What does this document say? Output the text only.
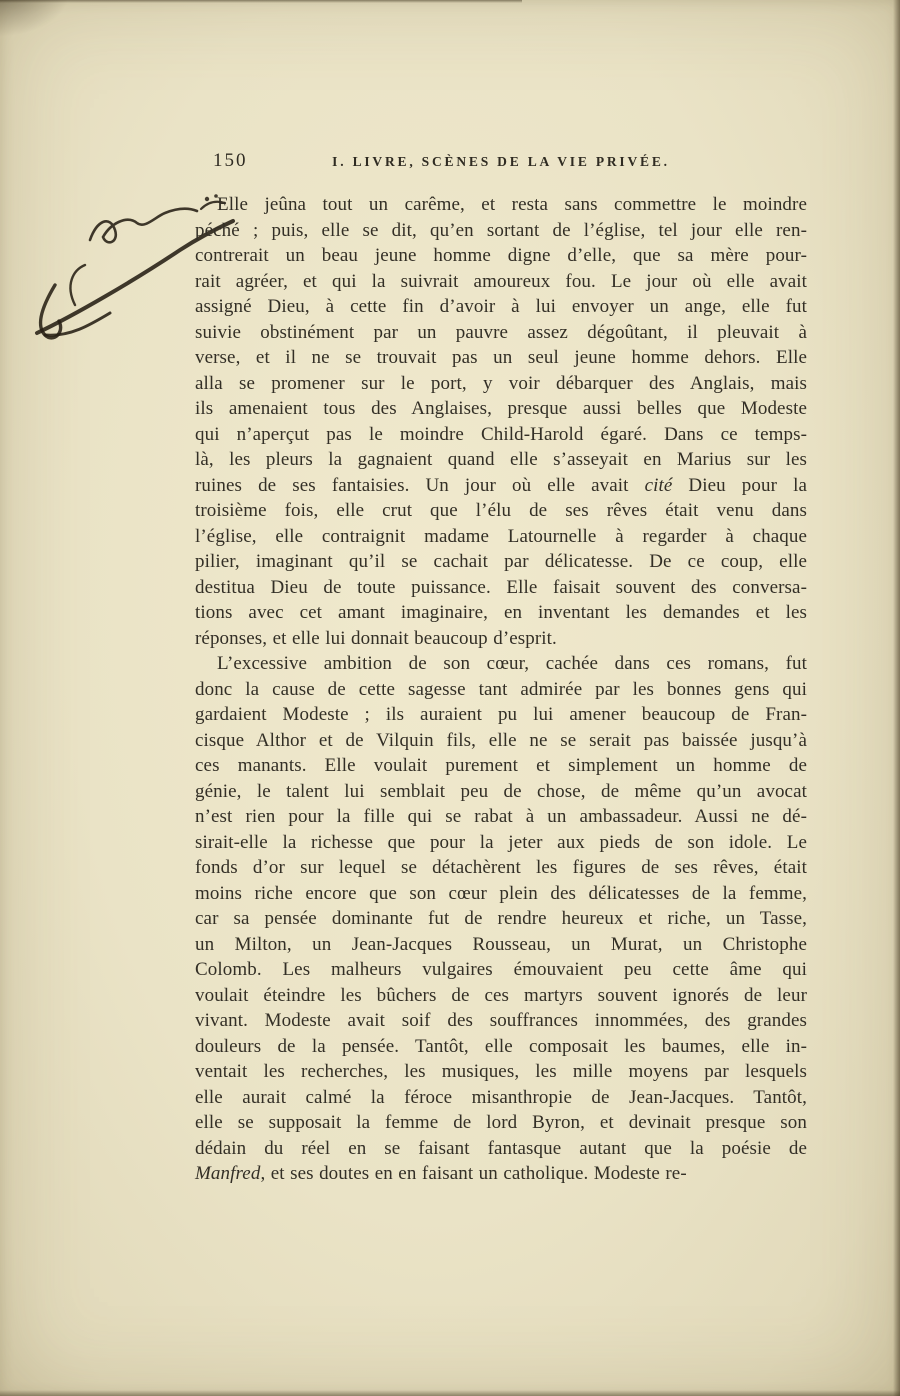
150	I. LIVRE, SCÈNES DE LA VIE PRIVÉE.
Elle jeûna tout un carême, et resta sans commettre le moindre
péché ; puis, elle se dit, qu’en sortant de l’église, tel jour elle ren-
contrerait un beau jeune homme digne d’elle, que sa mère pour-
rait agréer, et qui la suivrait amoureux fou. Le jour où elle avait
assigné Dieu, à cette fin d’avoir à lui envoyer un ange, elle fut
suivie obstinément par un pauvre assez dégoûtant, il pleuvait à
verse, et il ne se trouvait pas un seul jeune homme dehors. Elle
alla se promener sur le port, y voir débarquer des Anglais, mais
ils amenaient tous des Anglaises, presque aussi belles que Modeste
qui n’aperçut pas le moindre Child-Harold égaré. Dans ce temps-
là, les pleurs la gagnaient quand elle s’asseyait en Marius sur les
ruines de ses fantaisies. Un jour où elle avait cité Dieu pour la
troisième fois, elle crut que l’élu de ses rêves était venu dans
l’église, elle contraignit madame Latournelle à regarder à chaque
pilier, imaginant qu’il se cachait par délicatesse. De ce coup, elle
destitua Dieu de toute puissance. Elle faisait souvent des conversa-
tions avec cet amant imaginaire, en inventant les demandes et les
réponses, et elle lui donnait beaucoup d’esprit.
L’excessive ambition de son cœur, cachée dans ces romans, fut
donc la cause de cette sagesse tant admirée par les bonnes gens qui
gardaient Modeste ; ils auraient pu lui amener beaucoup de Fran-
cisque Althor et de Vilquin fils, elle ne se serait pas baissée jusqu’à
ces manants. Elle voulait purement et simplement un homme de
génie, le talent lui semblait peu de chose, de même qu’un avocat
n’est rien pour la fille qui se rabat à un ambassadeur. Aussi ne dé-
sirait-elle la richesse que pour la jeter aux pieds de son idole. Le
fonds d’or sur lequel se détachèrent les figures de ses rêves, était
moins riche encore que son cœur plein des délicatesses de la femme,
car sa pensée dominante fut de rendre heureux et riche, un Tasse,
un Milton, un Jean-Jacques Rousseau, un Murat, un Christophe
Colomb. Les malheurs vulgaires émouvaient peu cette âme qui
voulait éteindre les bûchers de ces martyrs souvent ignorés de leur
vivant. Modeste avait soif des souffrances innommées, des grandes
douleurs de la pensée. Tantôt, elle composait les baumes, elle in-
ventait les recherches, les musiques, les mille moyens par lesquels
elle aurait calmé la féroce misanthropie de Jean-Jacques. Tantôt,
elle se supposait la femme de lord Byron, et devinait presque son
dédain du réel en se faisant fantasque autant que la poésie de
Manfred, et ses doutes en en faisant un catholique. Modeste re-
